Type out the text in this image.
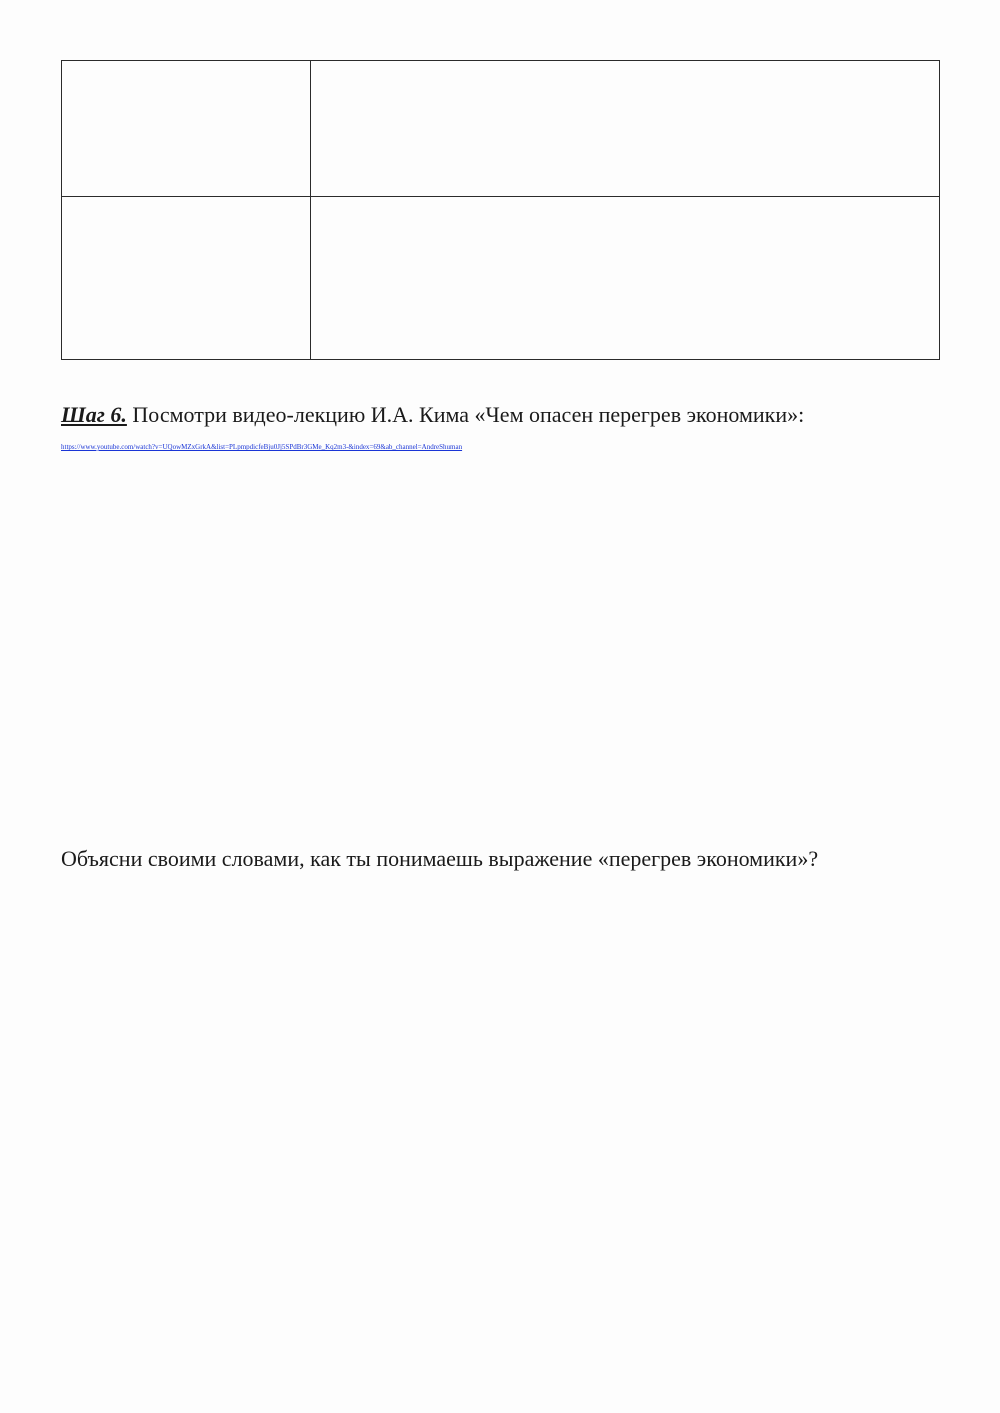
Шаг 6. Посмотри видео-лекцию И.А. Кима «Чем опасен перегрев экономики»:
https://www.youtube.com/watch?v=UQowMZxGrkA&list=PLpmpdicfeBju0Jj5SPdBr3GMe_Kq2m3-&index=69&ab_channel=AndreShuman
Объясни своими словами, как ты понимаешь выражение «перегрев экономики»?
